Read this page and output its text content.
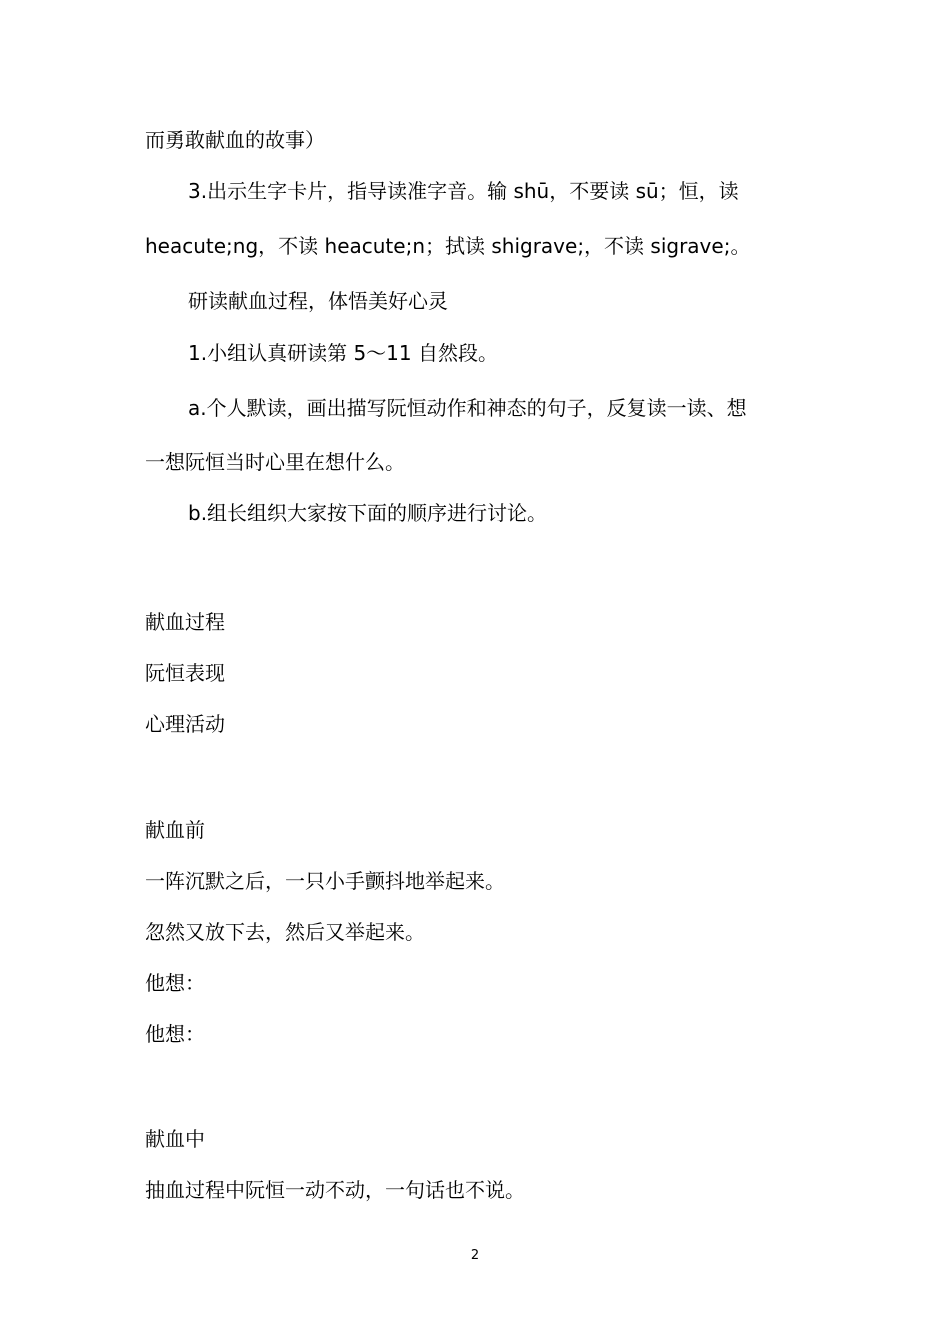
而勇敢献血的故事）
3.出示生字卡片，指导读准字音。输 shū，不要读 sū；恒，读
heacute;ng，不读 heacute;n；拭读 shigrave;，不读 sigrave;。
研读献血过程，体悟美好心灵
1.小组认真研读第 5～11 自然段。
a.个人默读，画出描写阮恒动作和神态的句子，反复读一读、想
一想阮恒当时心里在想什么。
b.组长组织大家按下面的顺序进行讨论。
献血过程
阮恒表现
心理活动
献血前
一阵沉默之后，一只小手颤抖地举起来。
忽然又放下去，然后又举起来。
他想：
他想：
献血中
抽血过程中阮恒一动不动，一句话也不说。
2
